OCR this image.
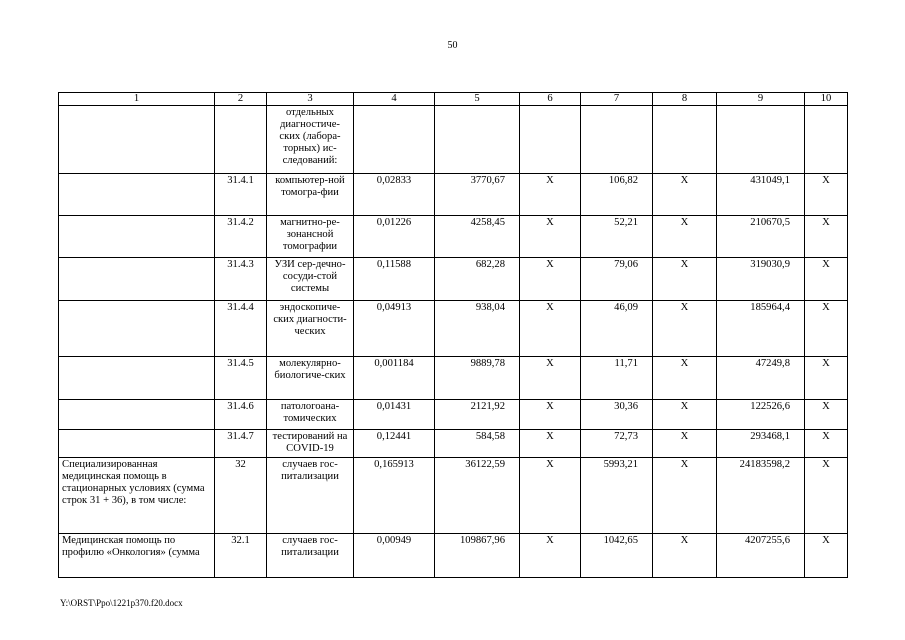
50
1	2	3	4	5	6	7	8	9	10
		отдельных диагностиче-ских (лабора-торных) ис-следований:							
	31.4.1	компьютер-ной томогра-фии	0,02833	3770,67	X	106,82	X	431049,1	X
	31.4.2	магнитно-ре-зонансной томографии	0,01226	4258,45	X	52,21	X	210670,5	X
	31.4.3	УЗИ сер-дечно-сосуди-стой системы	0,11588	682,28	X	79,06	X	319030,9	X
	31.4.4	эндоскопиче-ских диагности-ческих	0,04913	938,04	X	46,09	X	185964,4	X
	31.4.5	молекулярно-биологиче-ских	0,001184	9889,78	X	11,71	X	47249,8	X
	31.4.6	патологоана-томических	0,01431	2121,92	X	30,36	X	122526,6	X
	31.4.7	тестирований на COVID-19	0,12441	584,58	X	72,73	X	293468,1	X
Специализированная медицинская помощь в стационарных условиях (сумма строк 31 + 36), в том числе:	32	случаев гос-питализации	0,165913	36122,59	X	5993,21	X	24183598,2	X
Медицинская помощь по профилю «Онкология» (сумма	32.1	случаев гос-питализации	0,00949	109867,96	X	1042,65	X	4207255,6	X
Y:\ORST\Ppo\1221p370.f20.docx
